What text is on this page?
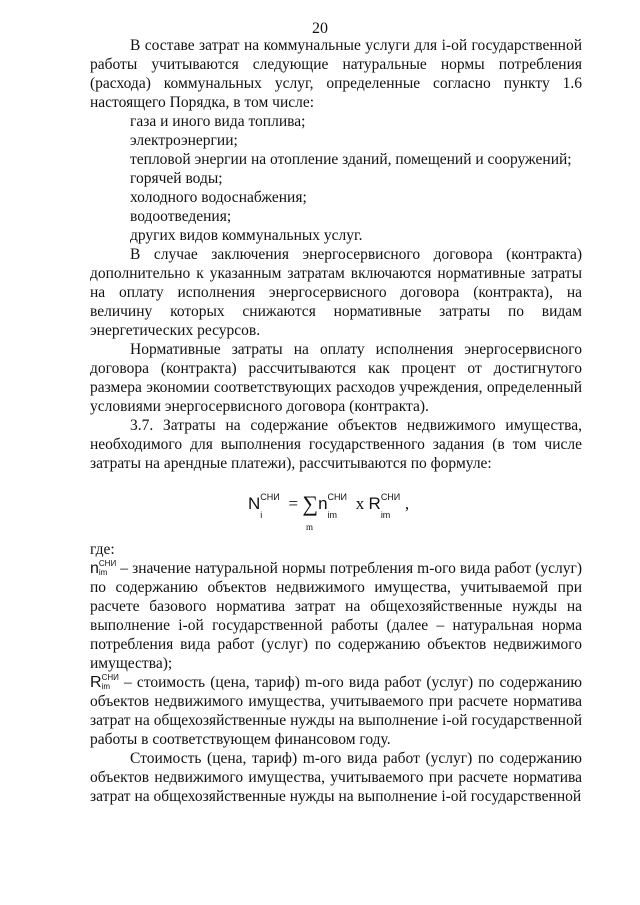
20

В составе затрат на коммунальные услуги для i-ой государственной работы учитываются следующие натуральные нормы потребления (расхода) коммунальных услуг, определенные согласно пункту 1.6 настоящего Порядка, в том числе:

газа и иного вида топлива;

электроэнергии;

тепловой энергии на отопление зданий, помещений и сооружений;

горячей воды;

холодного водоснабжения;

водоотведения;

других видов коммунальных услуг.

В случае заключения энергосервисного договора (контракта) дополнительно к указанным затратам включаются нормативные затраты на оплату исполнения энергосервисного договора (контракта), на величину которых снижаются нормативные затраты по видам энергетических ресурсов.

Нормативные затраты на оплату исполнения энергосервисного договора (контракта) рассчитываются как процент от достигнутого размера экономии соответствующих расходов учреждения, определенный условиями энергосервисного договора (контракта).

3.7. Затраты на содержание объектов недвижимого имущества, необходимого для выполнения государственного задания (в том числе затраты на арендные платежи), рассчитываются по формуле:

N СНИ
i
= ∑
m
n СНИ
im
x R СНИ
im
,

где:

nСНИ
im – значение натуральной нормы потребления m-ого вида работ (услуг) по содержанию объектов недвижимого имущества, учитываемой при расчете базового норматива затрат на общехозяйственные нужды на выполнение i-ой государственной работы (далее – натуральная норма потребления вида работ (услуг) по содержанию объектов недвижимого имущества);

RСНИ
im – стоимость (цена, тариф) m-ого вида работ (услуг) по содержанию объектов недвижимого имущества, учитываемого при расчете норматива затрат на общехозяйственные нужды на выполнение i-ой государственной работы в соответствующем финансовом году.

Стоимость (цена, тариф) m-ого вида работ (услуг) по содержанию объектов недвижимого имущества, учитываемого при расчете норматива затрат на общехозяйственные нужды на выполнение i-ой государственной
